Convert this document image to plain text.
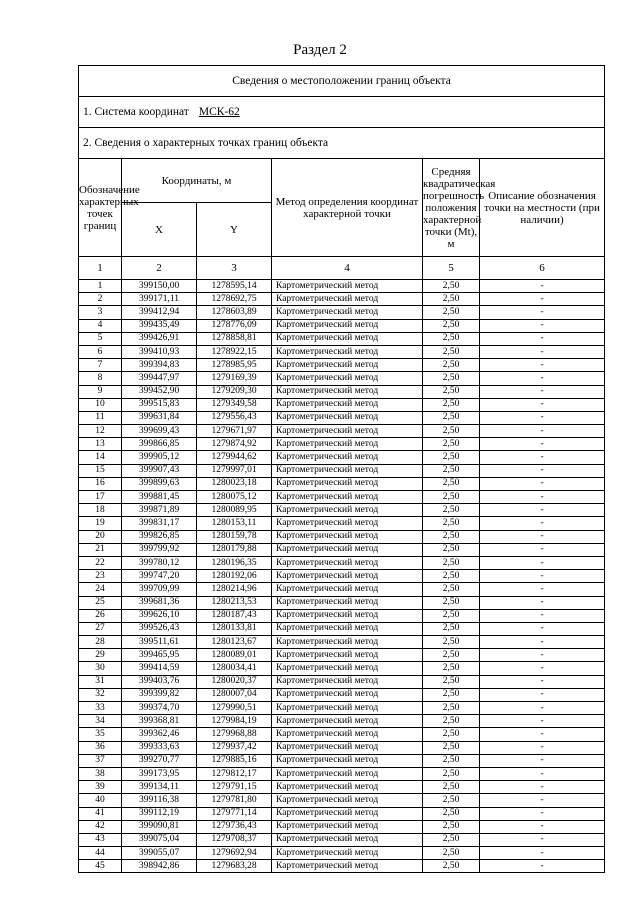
Раздел 2
Сведения о местоположении границ объекта					
1. Система координат МСК-62					
2. Сведения о характерных точках границ объекта					
Обозначение характерных точек границ	Координаты, м		Метод определения координат характерной точки	Средняя квадратическая погрешность положения характерной точки (Mt), м	Описание обозначения точки на местности (при наличии)
	X	Y			
1	2	3	4	5	6
1	399150,00	1278595,14	Картометрический метод	2,50	-
2	399171,11	1278692,75	Картометрический метод	2,50	-
3	399412,94	1278603,89	Картометрический метод	2,50	-
4	399435,49	1278776,09	Картометрический метод	2,50	-
5	399426,91	1278858,81	Картометрический метод	2,50	-
6	399410,93	1278922,15	Картометрический метод	2,50	-
7	399394,83	1278985,95	Картометрический метод	2,50	-
8	399447,97	1279169,39	Картометрический метод	2,50	-
9	399452,90	1279209,30	Картометрический метод	2,50	-
10	399515,83	1279349,58	Картометрический метод	2,50	-
11	399631,84	1279556,43	Картометрический метод	2,50	-
12	399699,43	1279671,97	Картометрический метод	2,50	-
13	399866,85	1279874,92	Картометрический метод	2,50	-
14	399905,12	1279944,62	Картометрический метод	2,50	-
15	399907,43	1279997,01	Картометрический метод	2,50	-
16	399899,63	1280023,18	Картометрический метод	2,50	-
17	399881,45	1280075,12	Картометрический метод	2,50	-
18	399871,89	1280089,95	Картометрический метод	2,50	-
19	399831,17	1280153,11	Картометрический метод	2,50	-
20	399826,85	1280159,78	Картометрический метод	2,50	-
21	399799,92	1280179,88	Картометрический метод	2,50	-
22	399780,12	1280196,35	Картометрический метод	2,50	-
23	399747,20	1280192,06	Картометрический метод	2,50	-
24	399709,99	1280214,96	Картометрический метод	2,50	-
25	399681,36	1280213,53	Картометрический метод	2,50	-
26	399626,10	1280187,43	Картометрический метод	2,50	-
27	399526,43	1280133,81	Картометрический метод	2,50	-
28	399511,61	1280123,67	Картометрический метод	2,50	-
29	399465,95	1280089,01	Картометрический метод	2,50	-
30	399414,59	1280034,41	Картометрический метод	2,50	-
31	399403,76	1280020,37	Картометрический метод	2,50	-
32	399399,82	1280007,04	Картометрический метод	2,50	-
33	399374,70	1279990,51	Картометрический метод	2,50	-
34	399368,81	1279984,19	Картометрический метод	2,50	-
35	399362,46	1279968,88	Картометрический метод	2,50	-
36	399333,63	1279937,42	Картометрический метод	2,50	-
37	399270,77	1279885,16	Картометрический метод	2,50	-
38	399173,95	1279812,17	Картометрический метод	2,50	-
39	399134,11	1279791,15	Картометрический метод	2,50	-
40	399116,38	1279781,80	Картометрический метод	2,50	-
41	399112,19	1279771,14	Картометрический метод	2,50	-
42	399090,81	1279736,43	Картометрический метод	2,50	-
43	399075,04	1279708,37	Картометрический метод	2,50	-
44	399055,07	1279692,94	Картометрический метод	2,50	-
45	398942,86	1279683,28	Картометрический метод	2,50	-
